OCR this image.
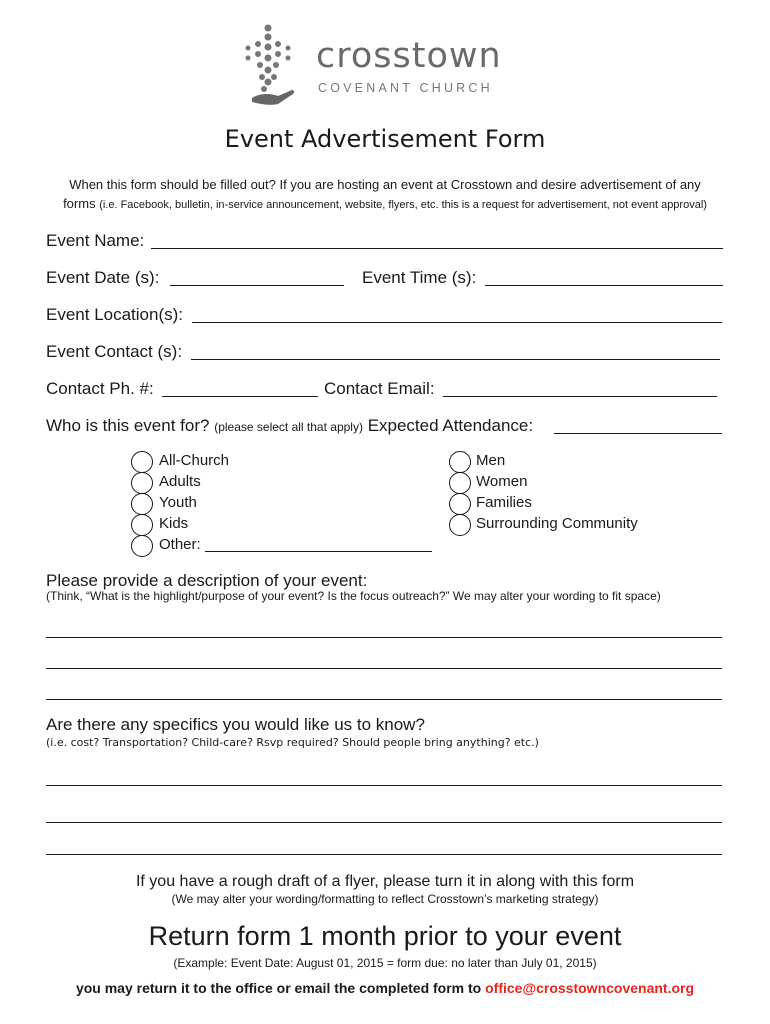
crosstown
COVENANT CHURCH
Event Advertisement Form
When this form should be filled out? If you are hosting an event at Crosstown and desire advertisement of any
forms (i.e. Facebook, bulletin, in-service announcement, website, flyers, etc. this is a request for advertisement, not event approval)
Event Name:
Event Date (s):	Event Time (s):
Event Location(s):
Event Contact (s):
Contact Ph. #:	Contact Email:
Who is this event for? (please select all that apply) Expected Attendance:
All-Church
Adults
Youth
Kids
Other:
Men
Women
Families
Surrounding Community
Please provide a description of your event:
(Think, “What is the highlight/purpose of your event? Is the focus outreach?” We may alter your wording to fit space)
Are there any specifics you would like us to know?
(i.e. cost? Transportation? Child-care? Rsvp required? Should people bring anything? etc.)
If you have a rough draft of a flyer, please turn it in along with this form
(We may alter your wording/formatting to reflect Crosstown’s marketing strategy)
Return form 1 month prior to your event
(Example: Event Date: August 01, 2015 = form due: no later than July 01, 2015)
you may return it to the office or email the completed form to office@crosstowncovenant.org
